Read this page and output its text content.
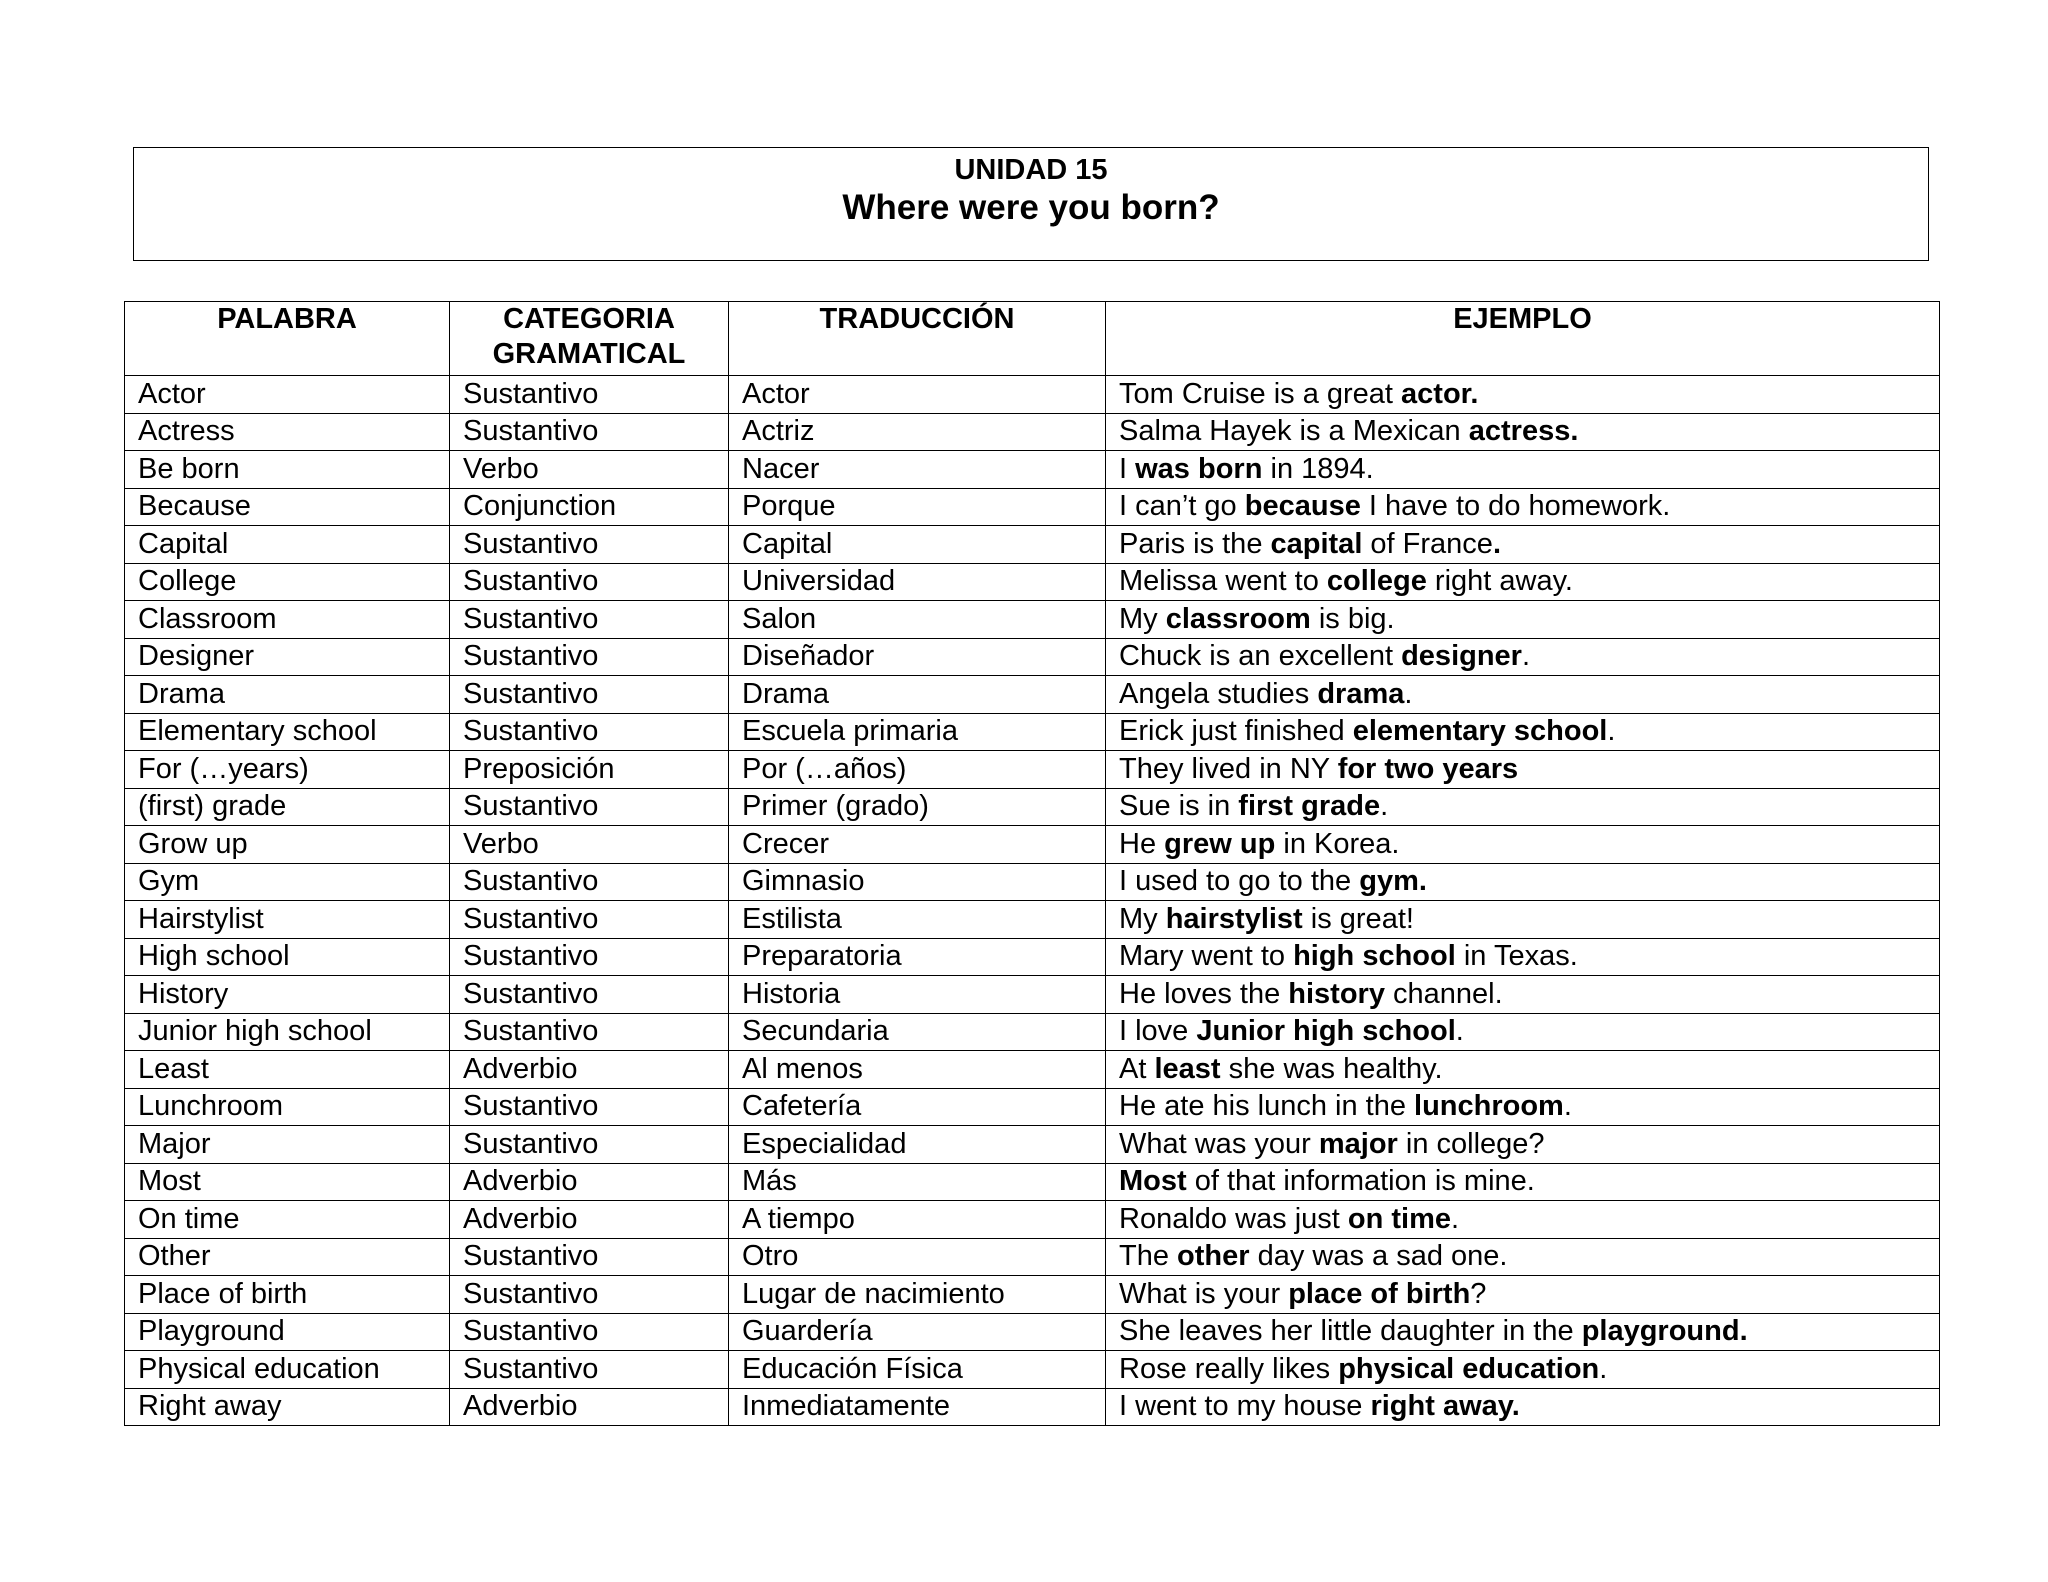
UNIDAD 15
Where were you born?
PALABRA	CATEGORIA GRAMATICAL	TRADUCCIÓN	EJEMPLO
Actor	Sustantivo	Actor	Tom Cruise is a great actor.
Actress	Sustantivo	Actriz	Salma Hayek is a Mexican actress.
Be born	Verbo	Nacer	I was born in 1894.
Because	Conjunction	Porque	I can’t go because I have to do homework.
Capital	Sustantivo	Capital	Paris is the capital of France.
College	Sustantivo	Universidad	Melissa went to college right away.
Classroom	Sustantivo	Salon	My classroom is big.
Designer	Sustantivo	Diseñador	Chuck is an excellent designer.
Drama	Sustantivo	Drama	Angela studies drama.
Elementary school	Sustantivo	Escuela primaria	Erick just finished elementary school.
For (…years)	Preposición	Por (…años)	They lived in NY for two years
(first) grade	Sustantivo	Primer (grado)	Sue is in first grade.
Grow up	Verbo	Crecer	He grew up in Korea.
Gym	Sustantivo	Gimnasio	I used to go to the gym.
Hairstylist	Sustantivo	Estilista	My hairstylist is great!
High school	Sustantivo	Preparatoria	Mary went to high school in Texas.
History	Sustantivo	Historia	He loves the history channel.
Junior high school	Sustantivo	Secundaria	I love Junior high school.
Least	Adverbio	Al menos	At least she was healthy.
Lunchroom	Sustantivo	Cafetería	He ate his lunch in the lunchroom.
Major	Sustantivo	Especialidad	What was your major in college?
Most	Adverbio	Más	Most of that information is mine.
On time	Adverbio	A tiempo	Ronaldo was just on time.
Other	Sustantivo	Otro	The other day was a sad one.
Place of birth	Sustantivo	Lugar de nacimiento	What is your place of birth?
Playground	Sustantivo	Guardería	She leaves her little daughter in the playground.
Physical education	Sustantivo	Educación Física	Rose really likes physical education.
Right away	Adverbio	Inmediatamente	I went to my house right away.
